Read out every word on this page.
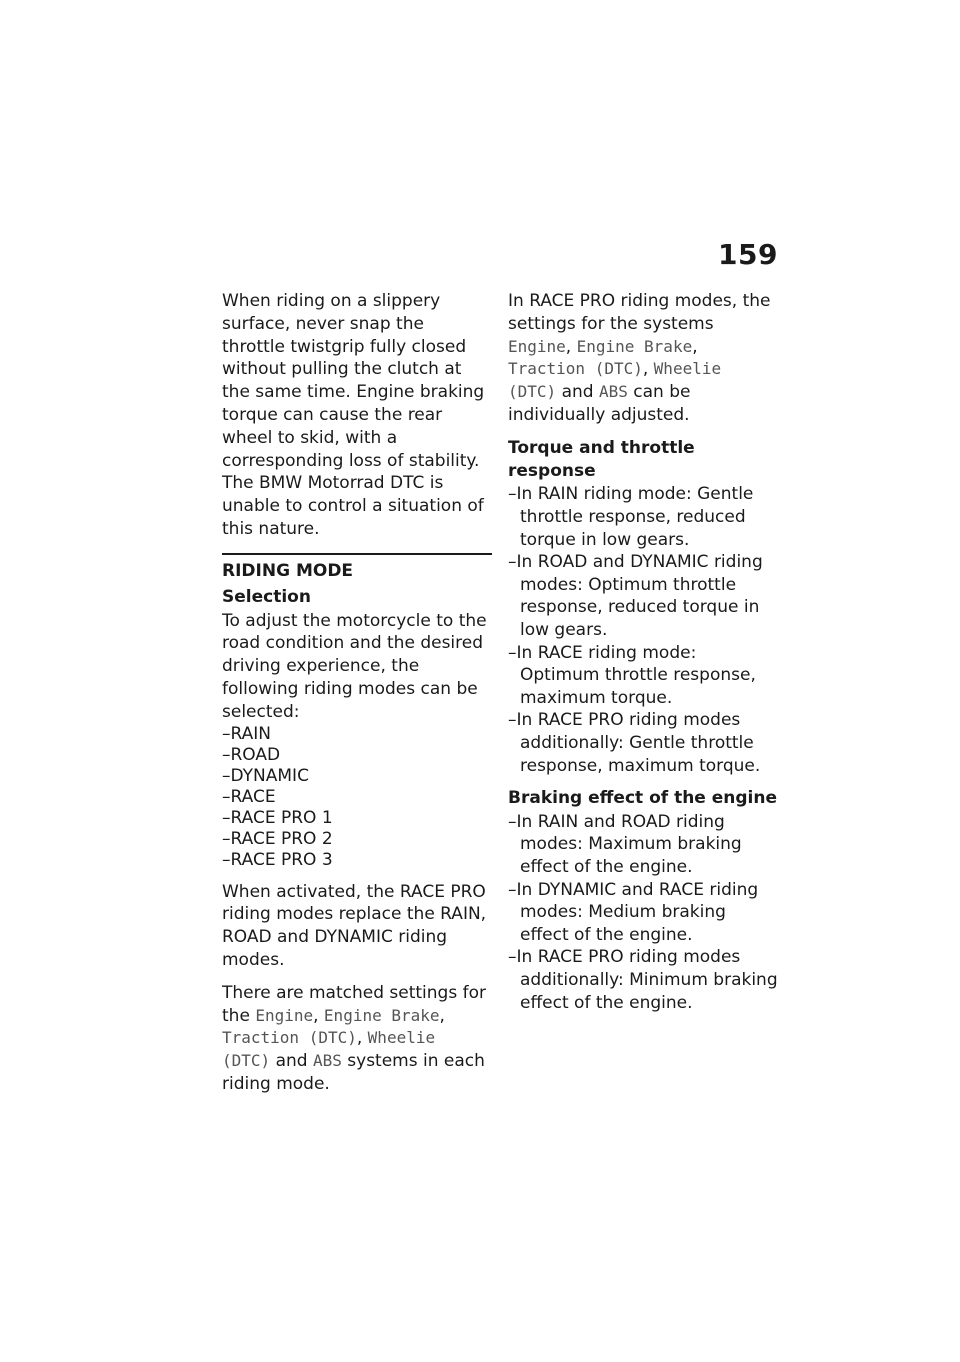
159

When riding on a slippery surface, never snap the throttle twistgrip fully closed without pulling the clutch at the same time. Engine braking torque can cause the rear wheel to skid, with a corresponding loss of stability. The BMW Motorrad DTC is unable to control a situation of this nature.

RIDING MODE
Selection

To adjust the motorcycle to the road condition and the desired driving experience, the following riding modes can be selected:

– RAIN
– ROAD
– DYNAMIC
– RACE
– RACE PRO 1
– RACE PRO 2
– RACE PRO 3

When activated, the RACE PRO riding modes replace the RAIN, ROAD and DYNAMIC riding modes.

There are matched settings for the Engine, Engine Brake, Traction (DTC), Wheelie (DTC) and ABS systems in each riding mode.

In RACE PRO riding modes, the settings for the systems Engine, Engine Brake, Traction (DTC), Wheelie (DTC) and ABS can be individually adjusted.

Torque and throttle response
– In RAIN riding mode: Gentle throttle response, reduced torque in low gears.
– In ROAD and DYNAMIC riding modes: Optimum throttle response, reduced torque in low gears.
– In RACE riding mode: Optimum throttle response, maximum torque.
– In RACE PRO riding modes additionally: Gentle throttle response, maximum torque.
Braking effect of the engine
– In RAIN and ROAD riding modes: Maximum braking effect of the engine.
– In DYNAMIC and RACE riding modes: Medium braking effect of the engine.
– In RACE PRO riding modes additionally: Minimum braking effect of the engine.
